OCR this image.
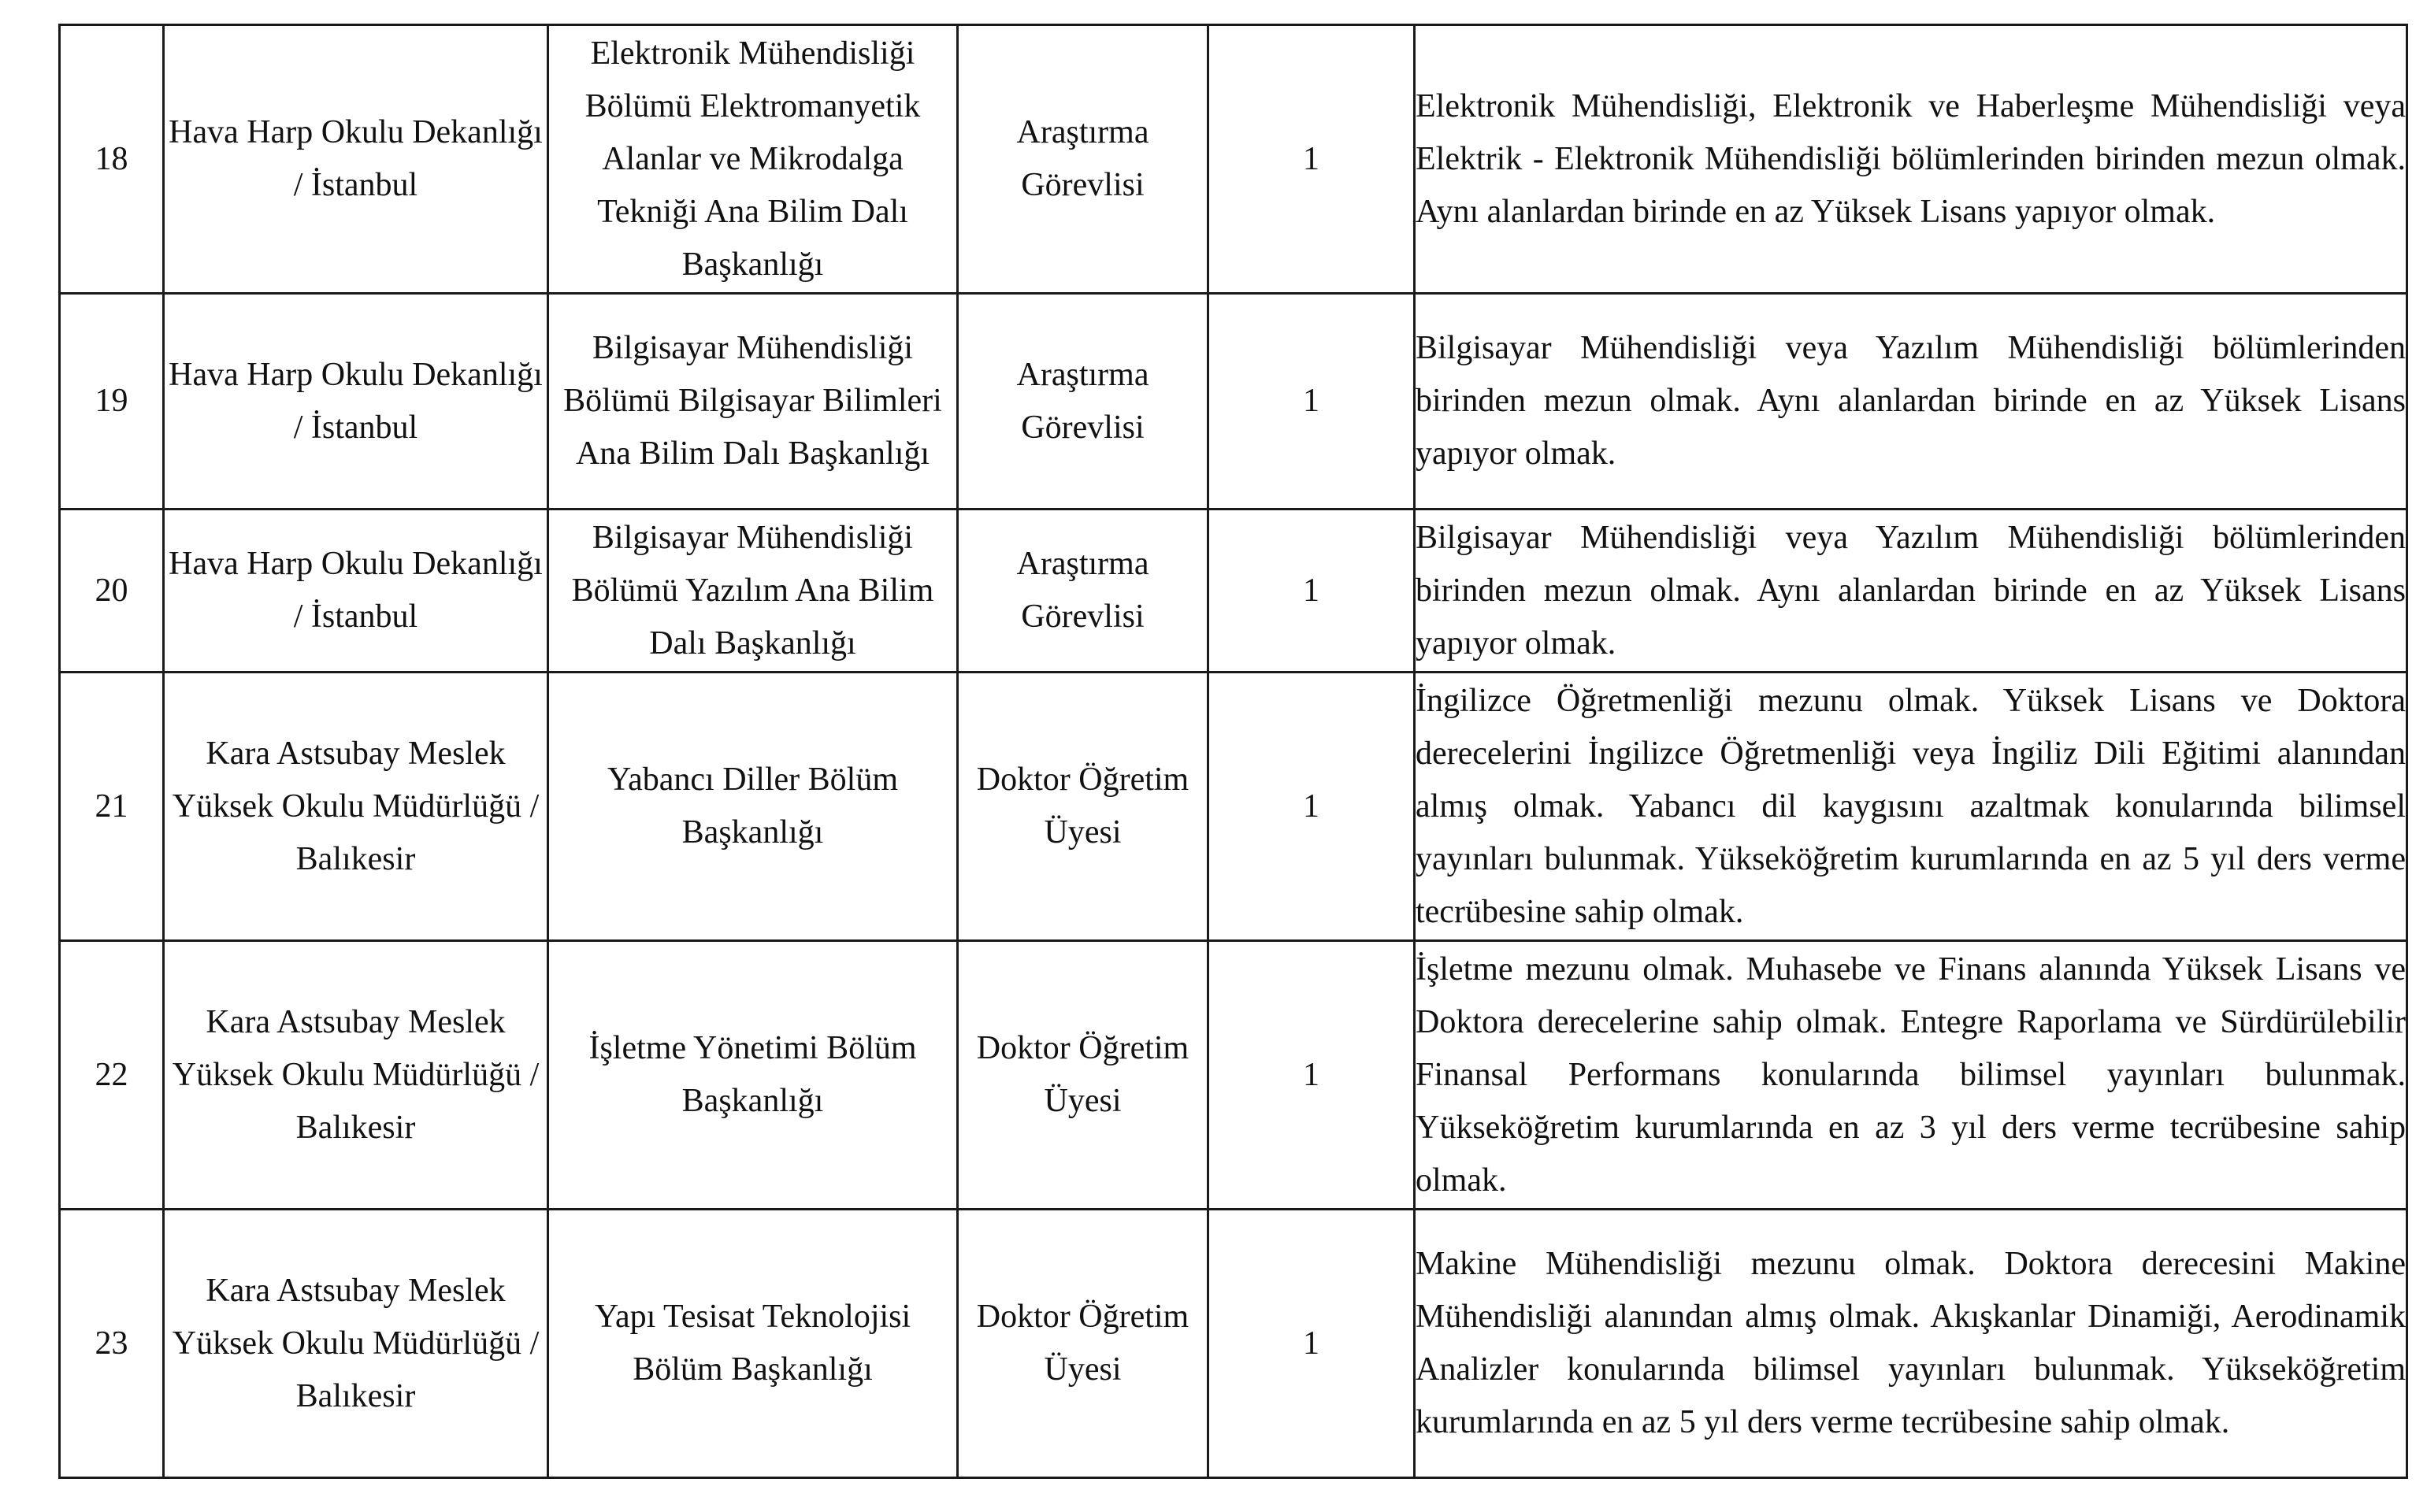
18	Hava Harp Okulu Dekanlığı / İstanbul	Elektronik Mühendisliği Bölümü Elektromanyetik Alanlar ve Mikrodalga Tekniği Ana Bilim Dalı Başkanlığı	Araştırma Görevlisi	1	Elektronik Mühendisliği, Elektronik ve Haberleşme Mühendisliği veya Elektrik - Elektronik Mühendisliği bölümlerinden birinden mezun olmak. Aynı alanlardan birinde en az Yüksek Lisans yapıyor olmak.
19	Hava Harp Okulu Dekanlığı / İstanbul	Bilgisayar Mühendisliği Bölümü Bilgisayar Bilimleri Ana Bilim Dalı Başkanlığı	Araştırma Görevlisi	1	Bilgisayar Mühendisliği veya Yazılım Mühendisliği bölümlerinden birinden mezun olmak. Aynı alanlardan birinde en az Yüksek Lisans yapıyor olmak.
20	Hava Harp Okulu Dekanlığı / İstanbul	Bilgisayar Mühendisliği Bölümü Yazılım Ana Bilim Dalı Başkanlığı	Araştırma Görevlisi	1	Bilgisayar Mühendisliği veya Yazılım Mühendisliği bölümlerinden birinden mezun olmak. Aynı alanlardan birinde en az Yüksek Lisans yapıyor olmak.
21	Kara Astsubay Meslek Yüksek Okulu Müdürlüğü / Balıkesir	Yabancı Diller Bölüm Başkanlığı	Doktor Öğretim Üyesi	1	İngilizce Öğretmenliği mezunu olmak. Yüksek Lisans ve Doktora derecelerini İngilizce Öğretmenliği veya İngiliz Dili Eğitimi alanından almış olmak. Yabancı dil kaygısını azaltmak konularında bilimsel yayınları bulunmak. Yükseköğretim kurumlarında en az 5 yıl ders verme tecrübesine sahip olmak.
22	Kara Astsubay Meslek Yüksek Okulu Müdürlüğü / Balıkesir	İşletme Yönetimi Bölüm Başkanlığı	Doktor Öğretim Üyesi	1	İşletme mezunu olmak. Muhasebe ve Finans alanında Yüksek Lisans ve Doktora derecelerine sahip olmak. Entegre Raporlama ve Sürdürülebilir Finansal Performans konularında bilimsel yayınları bulunmak. Yükseköğretim kurumlarında en az 3 yıl ders verme tecrübesine sahip olmak.
23	Kara Astsubay Meslek Yüksek Okulu Müdürlüğü / Balıkesir	Yapı Tesisat Teknolojisi Bölüm Başkanlığı	Doktor Öğretim Üyesi	1	Makine Mühendisliği mezunu olmak. Doktora derecesini Makine Mühendisliği alanından almış olmak. Akışkanlar Dinamiği, Aerodinamik Analizler konularında bilimsel yayınları bulunmak. Yükseköğretim kurumlarında en az 5 yıl ders verme tecrübesine sahip olmak.
